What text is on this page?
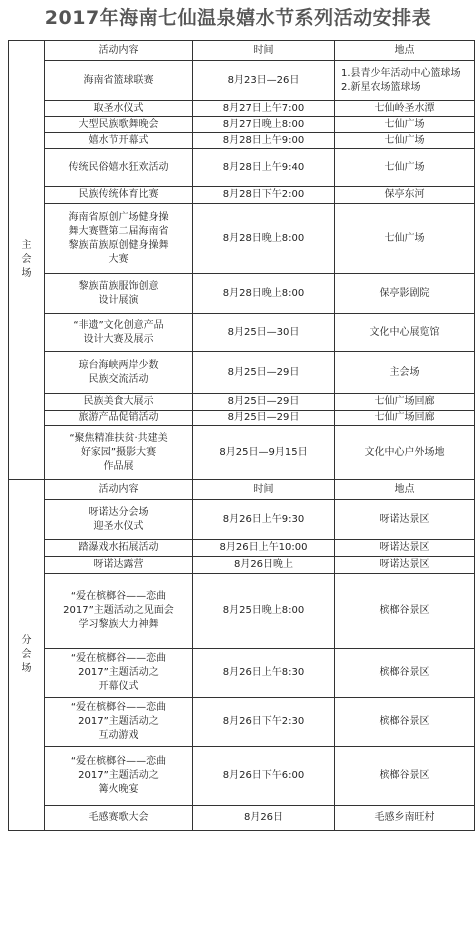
2017年海南七仙温泉嬉水节系列活动安排表
主
会
场	活动内容	时间	地点

	海南省篮球联赛	8月23日—26日	1.县青少年活动中心篮球场
2.新星农场篮球场

	取圣水仪式	8月27日上午7:00	七仙岭圣水潭

	大型民族歌舞晚会	8月27日晚上8:00	七仙广场

	嬉水节开幕式	8月28日上午9:00	七仙广场

	传统民俗嬉水狂欢活动	8月28日上午9:40	七仙广场

	民族传统体育比赛	8月28日下午2:00	保亭东河

	海南省原创广场健身操
舞大赛暨第二届海南省
黎族苗族原创健身操舞
大赛	8月28日晚上8:00	七仙广场

	黎族苗族服饰创意
设计展演	8月28日晚上8:00	保亭影剧院

	“非遗”文化创意产品
设计大赛及展示	8月25日—30日	文化中心展览馆

	琼台海峡两岸少数
民族交流活动	8月25日—29日	主会场

	民族美食大展示	8月25日—29日	七仙广场回廊

	旅游产品促销活动	8月25日—29日	七仙广场回廊

	“聚焦精准扶贫·共建美
好家园”摄影大赛
作品展	8月25日—9月15日	文化中心户外场地

分
会
场	活动内容	时间	地点

	呀诺达分会场
迎圣水仪式	8月26日上午9:30	呀诺达景区

	踏瀑戏水拓展活动	8月26日上午10:00	呀诺达景区

	呀诺达露营	8月26日晚上	呀诺达景区

	“爱在槟榔谷——恋曲
2017”主题活动之见面会
学习黎族大力神舞	8月25日晚上8:00	槟榔谷景区

	“爱在槟榔谷——恋曲
2017”主题活动之
开幕仪式	8月26日上午8:30	槟榔谷景区

	“爱在槟榔谷——恋曲
2017”主题活动之
互动游戏	8月26日下午2:30	槟榔谷景区

	“爱在槟榔谷——恋曲
2017”主题活动之
篝火晚宴	8月26日下午6:00	槟榔谷景区

	毛感赛歌大会	8月26日	毛感乡南旺村
